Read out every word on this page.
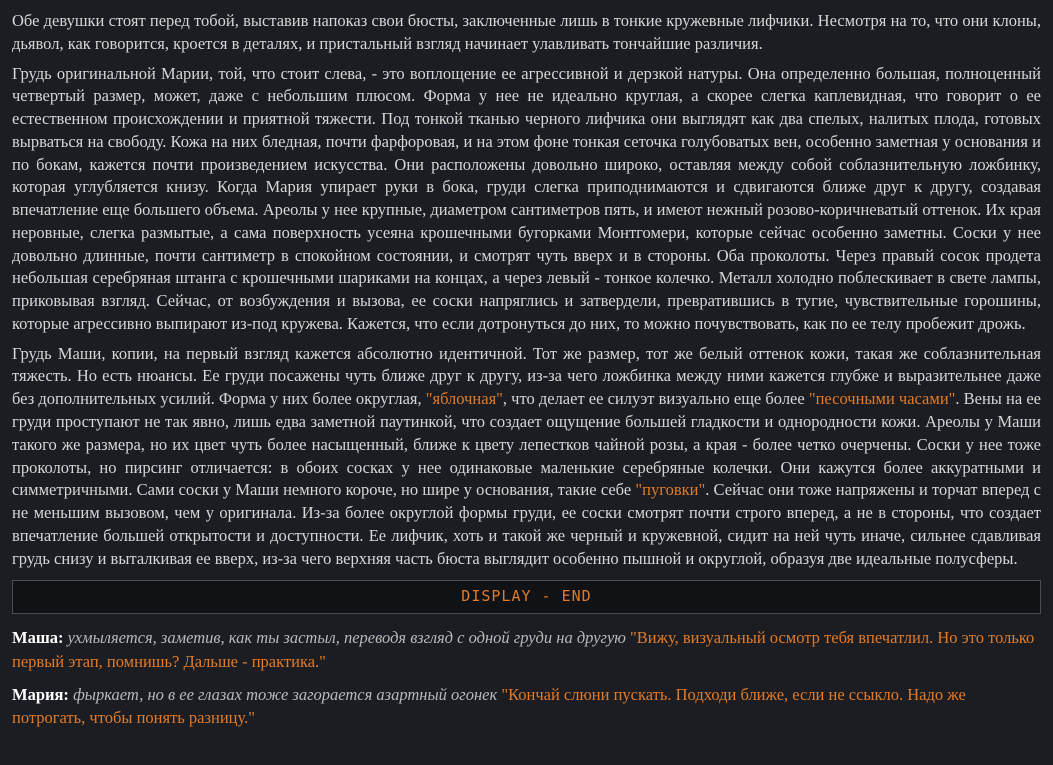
Обе девушки стоят перед тобой, выставив напоказ свои бюсты, заключенные лишь в тонкие кружевные лифчики. Несмотря на то, что они клоны, дьявол, как говорится, кроется в деталях, и пристальный взгляд начинает улавливать тончайшие различия.

Грудь оригинальной Марии, той, что стоит слева, - это воплощение ее агрессивной и дерзкой натуры. Она определенно большая, полноценный четвертый размер, может, даже с небольшим плюсом. Форма у нее не идеально круглая, а скорее слегка каплевидная, что говорит о ее естественном происхождении и приятной тяжести. Под тонкой тканью черного лифчика они выглядят как два спелых, налитых плода, готовых вырваться на свободу. Кожа на них бледная, почти фарфоровая, и на этом фоне тонкая сеточка голубоватых вен, особенно заметная у основания и по бокам, кажется почти произведением искусства. Они расположены довольно широко, оставляя между собой соблазнительную ложбинку, которая углубляется книзу. Когда Мария упирает руки в бока, груди слегка приподнимаются и сдвигаются ближе друг к другу, создавая впечатление еще большего объема. Ареолы у нее крупные, диаметром сантиметров пять, и имеют нежный розово-коричневатый оттенок. Их края неровные, слегка размытые, а сама поверхность усеяна крошечными бугорками Монтгомери, которые сейчас особенно заметны. Соски у нее довольно длинные, почти сантиметр в спокойном состоянии, и смотрят чуть вверх и в стороны. Оба проколоты. Через правый сосок продета небольшая серебряная штанга с крошечными шариками на концах, а через левый - тонкое колечко. Металл холодно поблескивает в свете лампы, приковывая взгляд. Сейчас, от возбуждения и вызова, ее соски напряглись и затвердели, превратившись в тугие, чувствительные горошины, которые агрессивно выпирают из-под кружева. Кажется, что если дотронуться до них, то можно почувствовать, как по ее телу пробежит дрожь.

Грудь Маши, копии, на первый взгляд кажется абсолютно идентичной. Тот же размер, тот же белый оттенок кожи, такая же соблазнительная тяжесть. Но есть нюансы. Ее груди посажены чуть ближе друг к другу, из-за чего ложбинка между ними кажется глубже и выразительнее даже без дополнительных усилий. Форма у них более округлая, "яблочная", что делает ее силуэт визуально еще более "песочными часами". Вены на ее груди проступают не так явно, лишь едва заметной паутинкой, что создает ощущение большей гладкости и однородности кожи. Ареолы у Маши такого же размера, но их цвет чуть более насыщенный, ближе к цвету лепестков чайной розы, а края - более четко очерчены. Соски у нее тоже проколоты, но пирсинг отличается: в обоих сосках у нее одинаковые маленькие серебряные колечки. Они кажутся более аккуратными и симметричными. Сами соски у Маши немного короче, но шире у основания, такие себе "пуговки". Сейчас они тоже напряжены и торчат вперед с не меньшим вызовом, чем у оригинала. Из-за более округлой формы груди, ее соски смотрят почти строго вперед, а не в стороны, что создает впечатление большей открытости и доступности. Ее лифчик, хоть и такой же черный и кружевной, сидит на ней чуть иначе, сильнее сдавливая грудь снизу и выталкивая ее вверх, из-за чего верхняя часть бюста выглядит особенно пышной и округлой, образуя две идеальные полусферы.

DISPLAY - END

Маша: ухмыляется, заметив, как ты застыл, переводя взгляд с одной груди на другую "Вижу, визуальный осмотр тебя впечатлил. Но это только первый этап, помнишь? Дальше - практика."

Мария: фыркает, но в ее глазах тоже загорается азартный огонек "Кончай слюни пускать. Подходи ближе, если не ссыкло. Надо же потрогать, чтобы понять разницу."
